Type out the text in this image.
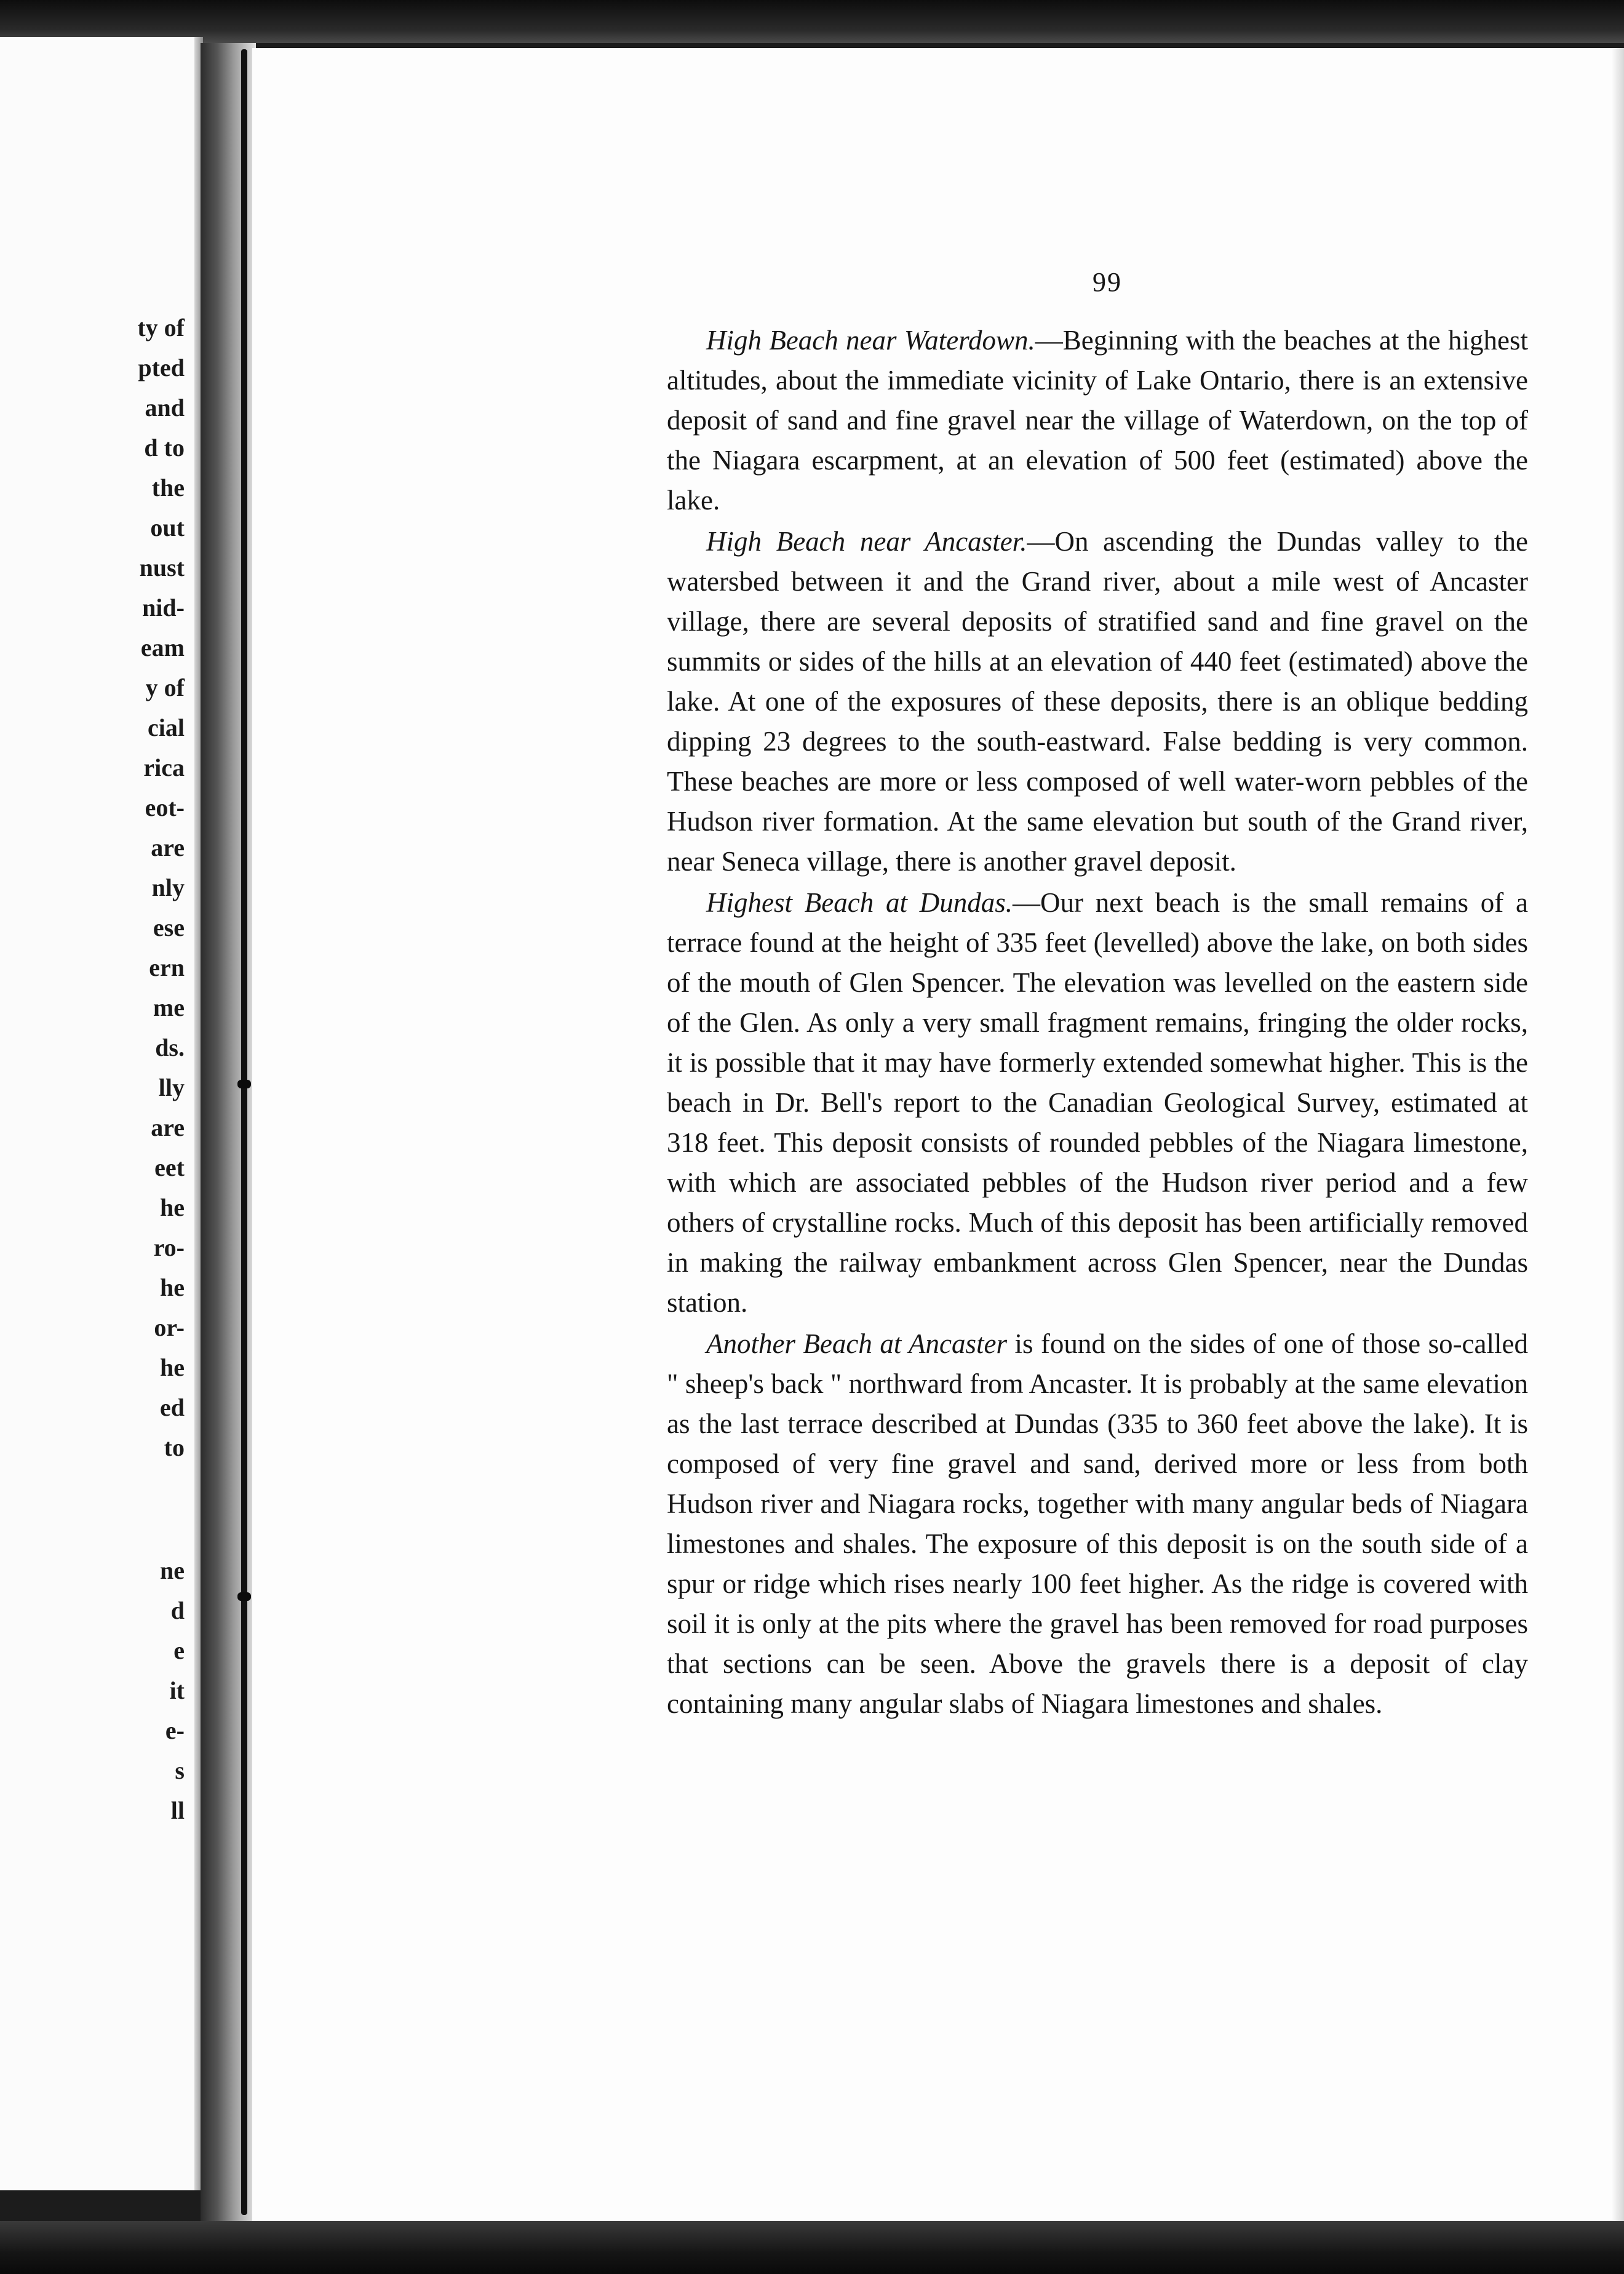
ty of
pted
and
d to
the
out
nust
nid-
eam
y of
cial
rica
eot-
are
nly
ese
ern
me
ds.
lly
are
eet
he
ro-
he
or-
he
ed
to
ne
d
e
it
e-
s
ll
99

High Beach near Waterdown.—Beginning with the beaches at the highest altitudes, about the immediate vicinity of Lake Ontario, there is an extensive deposit of sand and fine gravel near the village of Waterdown, on the top of the Niagara escarpment, at an elevation of 500 feet (estimated) above the lake.

High Beach near Ancaster.—On ascending the Dundas valley to the watersbed between it and the Grand river, about a mile west of Ancaster village, there are several deposits of stratified sand and fine gravel on the summits or sides of the hills at an elevation of 440 feet (estimated) above the lake. At one of the exposures of these deposits, there is an oblique bedding dipping 23 degrees to the south-eastward. False bedding is very common. These beaches are more or less composed of well water-worn pebbles of the Hudson river formation. At the same elevation but south of the Grand river, near Seneca village, there is another gravel deposit.

Highest Beach at Dundas.—Our next beach is the small remains of a terrace found at the height of 335 feet (levelled) above the lake, on both sides of the mouth of Glen Spencer. The elevation was levelled on the eastern side of the Glen. As only a very small fragment remains, fringing the older rocks, it is possible that it may have formerly extended somewhat higher. This is the beach in Dr. Bell's report to the Canadian Geological Survey, estimated at 318 feet. This deposit consists of rounded pebbles of the Niagara limestone, with which are associated pebbles of the Hudson river period and a few others of crystalline rocks. Much of this deposit has been artificially removed in making the railway embankment across Glen Spencer, near the Dundas station.

Another Beach at Ancaster is found on the sides of one of those so-called " sheep's back " northward from Ancaster. It is probably at the same elevation as the last terrace described at Dundas (335 to 360 feet above the lake). It is composed of very fine gravel and sand, derived more or less from both Hudson river and Niagara rocks, together with many angular beds of Niagara limestones and shales. The exposure of this deposit is on the south side of a spur or ridge which rises nearly 100 feet higher. As the ridge is covered with soil it is only at the pits where the gravel has been removed for road purposes that sections can be seen. Above the gravels there is a deposit of clay containing many angular slabs of Niagara limestones and shales.
